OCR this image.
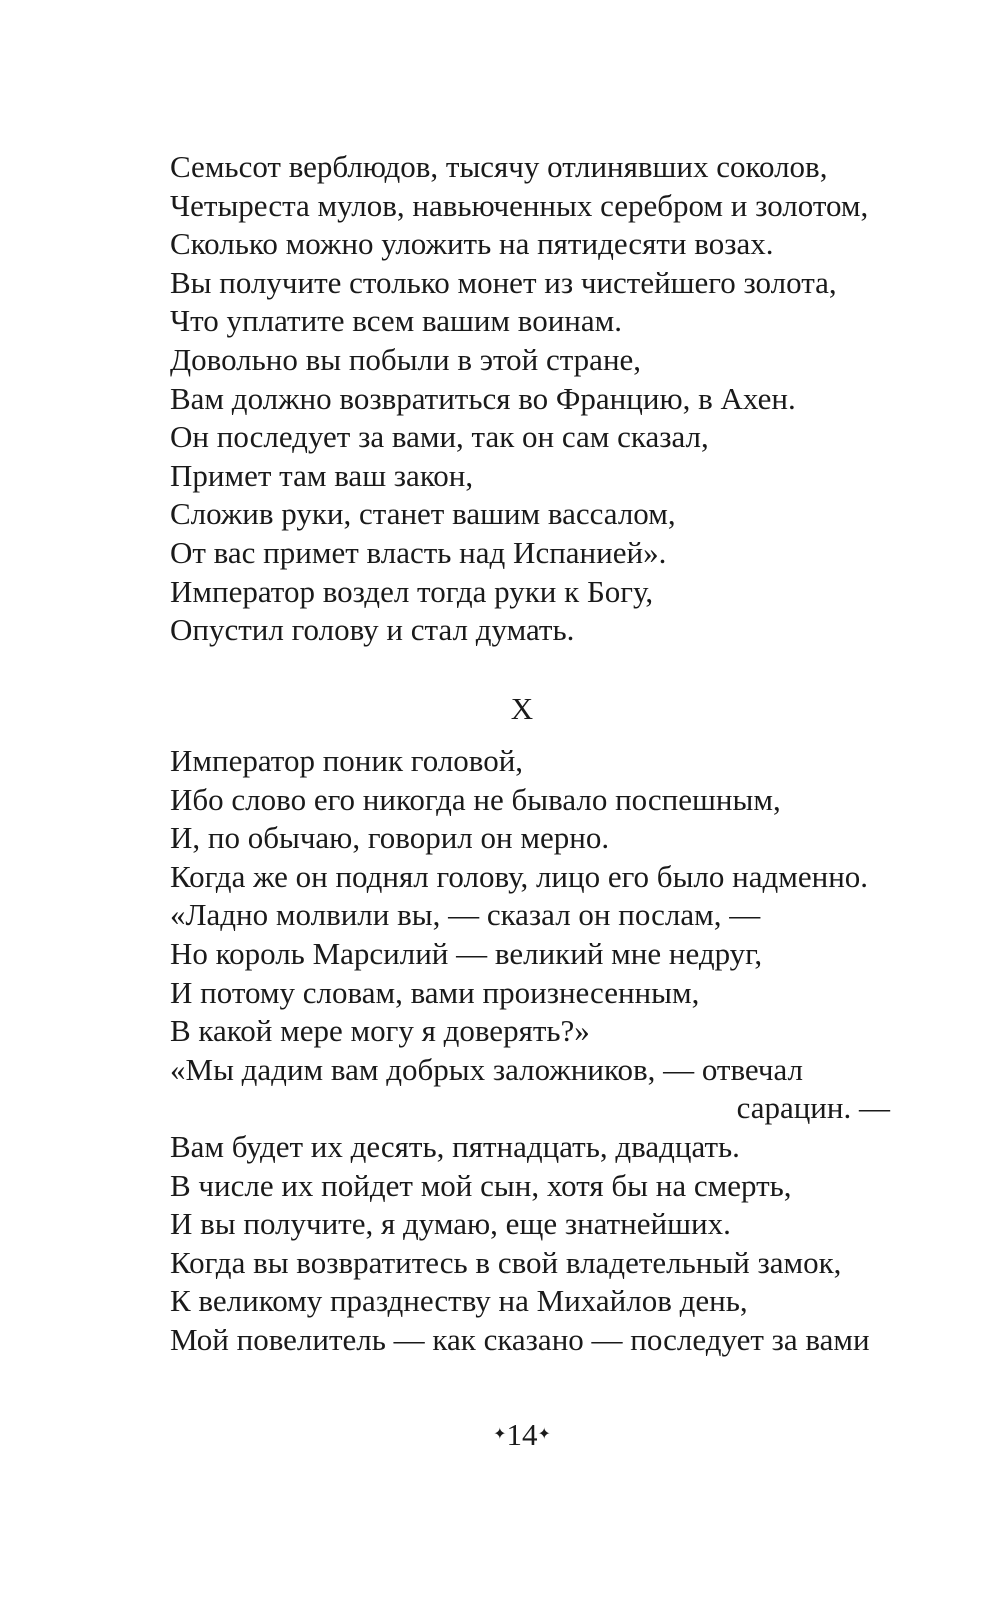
Семьсот верблюдов, тысячу отлинявших соколов,
Четыреста мулов, навьюченных серебром и золотом,
Сколько можно уложить на пятидесяти возах.
Вы получите столько монет из чистейшего золота,
Что уплатите всем вашим воинам.
Довольно вы побыли в этой стране,
Вам должно возвратиться во Францию, в Ахен.
Он последует за вами, так он сам сказал,
Примет там ваш закон,
Сложив руки, станет вашим вассалом,
От вас примет власть над Испанией».
Император воздел тогда руки к Богу,
Опустил голову и стал думать.
X
Император поник головой,
Ибо слово его никогда не бывало поспешным,
И, по обычаю, говорил он мерно.
Когда же он поднял голову, лицо его было надменно.
«Ладно молвили вы, — сказал он послам, —
Но король Марсилий — великий мне недруг,
И потому словам, вами произнесенным,
В какой мере могу я доверять?»
«Мы дадим вам добрых заложников, — отвечал
сарацин. —
Вам будет их десять, пятнадцать, двадцать.
В числе их пойдет мой сын, хотя бы на смерть,
И вы получите, я думаю, еще знатнейших.
Когда вы возвратитесь в свой владетельный замок,
К великому празднеству на Михайлов день,
Мой повелитель — как сказано — последует за вами
✦14✦
